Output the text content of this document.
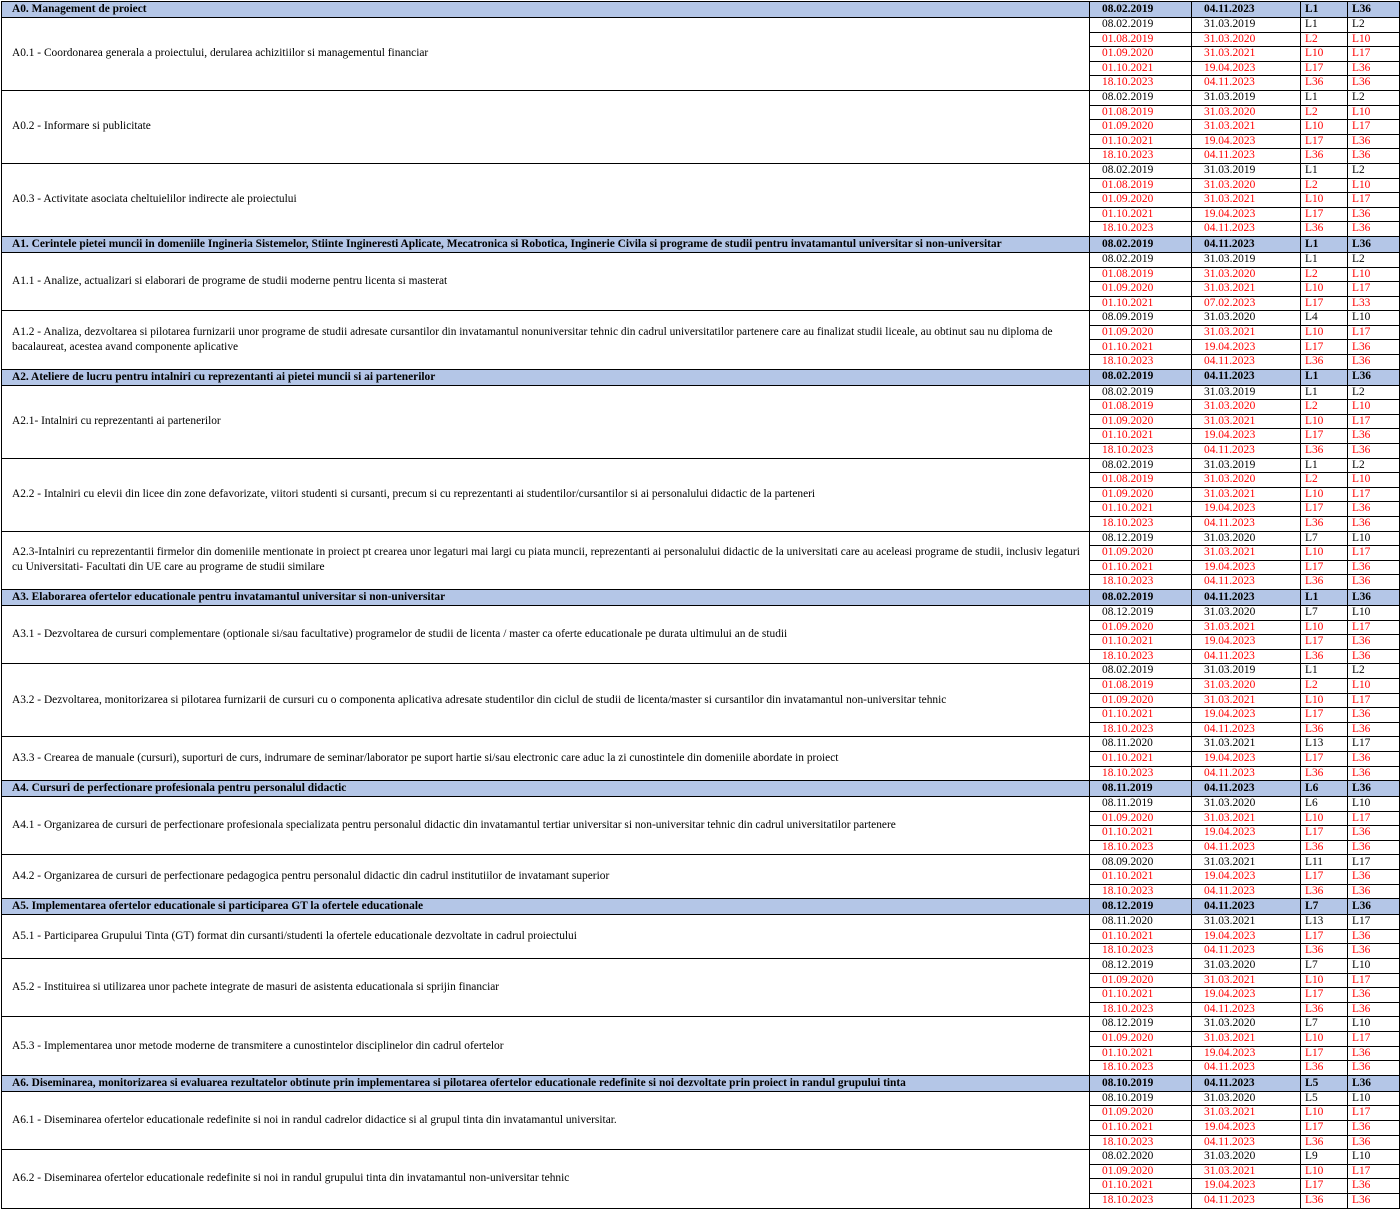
A0. Management de proiect	08.02.2019	04.11.2023	L1	L36
A0.1 - Coordonarea generala a proiectului, derularea achizitiilor si managementul financiar	08.02.2019	31.03.2019	L1	L2
	01.08.2019	31.03.2020	L2	L10
	01.09.2020	31.03.2021	L10	L17
	01.10.2021	19.04.2023	L17	L36
	18.10.2023	04.11.2023	L36	L36
A0.2 - Informare si publicitate	08.02.2019	31.03.2019	L1	L2
	01.08.2019	31.03.2020	L2	L10
	01.09.2020	31.03.2021	L10	L17
	01.10.2021	19.04.2023	L17	L36
	18.10.2023	04.11.2023	L36	L36
A0.3 - Activitate asociata cheltuielilor indirecte ale proiectului	08.02.2019	31.03.2019	L1	L2
	01.08.2019	31.03.2020	L2	L10
	01.09.2020	31.03.2021	L10	L17
	01.10.2021	19.04.2023	L17	L36
	18.10.2023	04.11.2023	L36	L36
A1. Cerintele pietei muncii in domeniile Ingineria Sistemelor, Stiinte Ingineresti Aplicate, Mecatronica si Robotica, Inginerie Civila si programe de studii pentru invatamantul universitar si non-universitar	08.02.2019	04.11.2023	L1	L36
A1.1 - Analize, actualizari si elaborari de programe de studii moderne pentru licenta si masterat	08.02.2019	31.03.2019	L1	L2
	01.08.2019	31.03.2020	L2	L10
	01.09.2020	31.03.2021	L10	L17
	01.10.2021	07.02.2023	L17	L33
A1.2 - Analiza, dezvoltarea si pilotarea furnizarii unor programe de studii adresate cursantilor din invatamantul nonuniversitar tehnic din cadrul universitatilor partenere care au finalizat studii liceale, au obtinut sau nu diploma de bacalaureat, acestea avand componente aplicative	08.09.2019	31.03.2020	L4	L10
	01.09.2020	31.03.2021	L10	L17
	01.10.2021	19.04.2023	L17	L36
	18.10.2023	04.11.2023	L36	L36
A2. Ateliere de lucru pentru intalniri cu reprezentanti ai pietei muncii si ai partenerilor	08.02.2019	04.11.2023	L1	L36
A2.1- Intalniri cu reprezentanti ai partenerilor	08.02.2019	31.03.2019	L1	L2
	01.08.2019	31.03.2020	L2	L10
	01.09.2020	31.03.2021	L10	L17
	01.10.2021	19.04.2023	L17	L36
	18.10.2023	04.11.2023	L36	L36
A2.2 - Intalniri cu elevii din licee din zone defavorizate, viitori studenti si cursanti, precum si cu reprezentanti ai studentilor/cursantilor si ai personalului didactic de la parteneri	08.02.2019	31.03.2019	L1	L2
	01.08.2019	31.03.2020	L2	L10
	01.09.2020	31.03.2021	L10	L17
	01.10.2021	19.04.2023	L17	L36
	18.10.2023	04.11.2023	L36	L36
A2.3-Intalniri cu reprezentantii firmelor din domeniile mentionate in proiect pt crearea unor legaturi mai largi cu piata muncii, reprezentanti ai personalului didactic de la universitati care au aceleasi programe de studii, inclusiv legaturi cu Universitati- Facultati din UE care au programe de studii similare	08.12.2019	31.03.2020	L7	L10
	01.09.2020	31.03.2021	L10	L17
	01.10.2021	19.04.2023	L17	L36
	18.10.2023	04.11.2023	L36	L36
A3. Elaborarea ofertelor educationale pentru invatamantul universitar si non-universitar	08.02.2019	04.11.2023	L1	L36
A3.1 - Dezvoltarea de cursuri complementare (optionale si/sau facultative) programelor de studii de licenta / master ca oferte educationale pe durata ultimului an de studii	08.12.2019	31.03.2020	L7	L10
	01.09.2020	31.03.2021	L10	L17
	01.10.2021	19.04.2023	L17	L36
	18.10.2023	04.11.2023	L36	L36
A3.2 - Dezvoltarea, monitorizarea si pilotarea furnizarii de cursuri cu o componenta aplicativa adresate studentilor din ciclul de studii de licenta/master si cursantilor din invatamantul non-universitar tehnic	08.02.2019	31.03.2019	L1	L2
	01.08.2019	31.03.2020	L2	L10
	01.09.2020	31.03.2021	L10	L17
	01.10.2021	19.04.2023	L17	L36
	18.10.2023	04.11.2023	L36	L36
A3.3 - Crearea de manuale (cursuri), suporturi de curs, indrumare de seminar/laborator pe suport hartie si/sau electronic care aduc la zi cunostintele din domeniile abordate in proiect	08.11.2020	31.03.2021	L13	L17
	01.10.2021	19.04.2023	L17	L36
	18.10.2023	04.11.2023	L36	L36
A4. Cursuri de perfectionare profesionala pentru personalul didactic	08.11.2019	04.11.2023	L6	L36
A4.1 - Organizarea de cursuri de perfectionare profesionala specializata pentru personalul didactic din invatamantul tertiar universitar si non-universitar tehnic din cadrul universitatilor partenere	08.11.2019	31.03.2020	L6	L10
	01.09.2020	31.03.2021	L10	L17
	01.10.2021	19.04.2023	L17	L36
	18.10.2023	04.11.2023	L36	L36
A4.2 - Organizarea de cursuri de perfectionare pedagogica pentru personalul didactic din cadrul institutiilor de invatamant superior	08.09.2020	31.03.2021	L11	L17
	01.10.2021	19.04.2023	L17	L36
	18.10.2023	04.11.2023	L36	L36
A5. Implementarea ofertelor educationale si participarea GT la ofertele educationale	08.12.2019	04.11.2023	L7	L36
A5.1 - Participarea Grupului Tinta (GT) format din cursanti/studenti la ofertele educationale dezvoltate in cadrul proiectului	08.11.2020	31.03.2021	L13	L17
	01.10.2021	19.04.2023	L17	L36
	18.10.2023	04.11.2023	L36	L36
A5.2 - Instituirea si utilizarea unor pachete integrate de masuri de asistenta educationala si sprijin financiar	08.12.2019	31.03.2020	L7	L10
	01.09.2020	31.03.2021	L10	L17
	01.10.2021	19.04.2023	L17	L36
	18.10.2023	04.11.2023	L36	L36
A5.3 - Implementarea unor metode moderne de transmitere a cunostintelor disciplinelor din cadrul ofertelor	08.12.2019	31.03.2020	L7	L10
	01.09.2020	31.03.2021	L10	L17
	01.10.2021	19.04.2023	L17	L36
	18.10.2023	04.11.2023	L36	L36
A6. Diseminarea, monitorizarea si evaluarea rezultatelor obtinute prin implementarea si pilotarea ofertelor educationale redefinite si noi dezvoltate prin proiect in randul grupului tinta	08.10.2019	04.11.2023	L5	L36
A6.1 - Diseminarea ofertelor educationale redefinite si noi in randul cadrelor didactice si al grupul tinta din invatamantul universitar.	08.10.2019	31.03.2020	L5	L10
	01.09.2020	31.03.2021	L10	L17
	01.10.2021	19.04.2023	L17	L36
	18.10.2023	04.11.2023	L36	L36
A6.2 - Diseminarea ofertelor educationale redefinite si noi in randul grupului tinta din invatamantul non-universitar tehnic	08.02.2020	31.03.2020	L9	L10
	01.09.2020	31.03.2021	L10	L17
	01.10.2021	19.04.2023	L17	L36
	18.10.2023	04.11.2023	L36	L36
